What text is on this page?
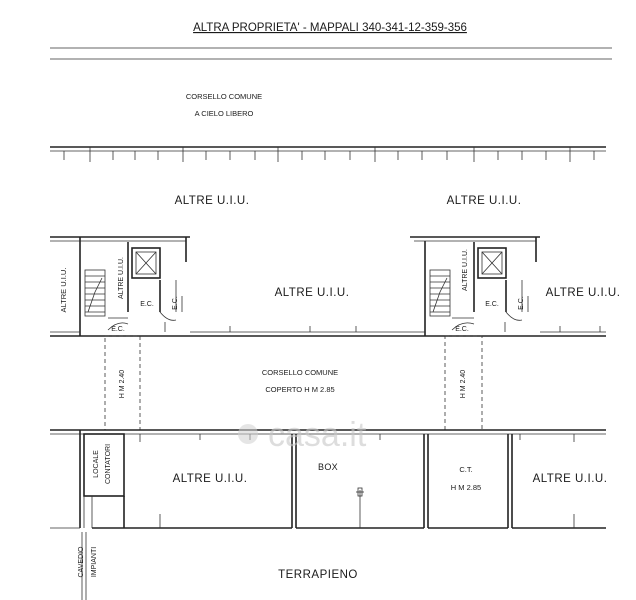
ALTRA PROPRIETA' - MAPPALI 340-341-12-359-356
CORSELLO COMUNE
A CIELO LIBERO
ALTRE U.I.U.	ALTRE U.I.U.
ALTRE U.I.U.	ALTRE U.I.U.
E.C.	E.C.
E.C.
ALTRE U.I.U.
E.C.	E.C.
E.C.
ALTRE U.I.U.	ALTRE U.I.U.
H M 2.40	H M 2.40
CORSELLO COMUNE
COPERTO H M 2.85
LOCALE CONTATORI	ALTRE U.I.U.
BOX	C.T.
H M 2.85
ALTRE U.I.U.
CAVEDIO IMPIANTI	TERRAPIENO
casa.it
